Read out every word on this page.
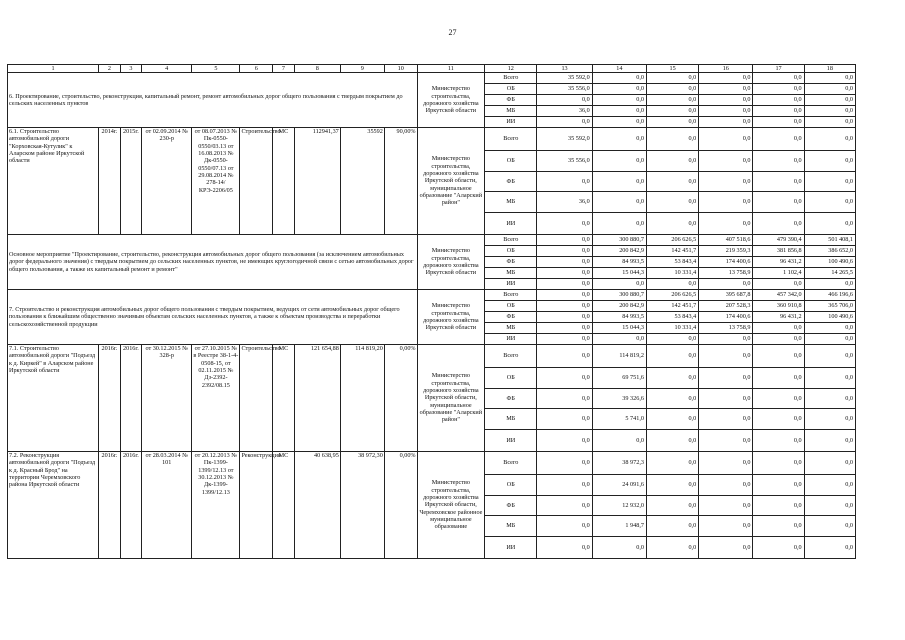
27
1	2	3	4	5	6	7	8	9	10	11	12	13	14	15	16	17	18
6. Проектирование, строительство, реконструкция, капитальный ремонт, ремонт автомобильных дорог общего пользования с твердым покрытием до сельских населенных пунктов										Министерство строительства, дорожного хозяйства Иркутской области	Всего	35 592,0	0,0	0,0	0,0	0,0	0,0
											ОБ	35 556,0	0,0	0,0	0,0	0,0	0,0
											ФБ	0,0	0,0	0,0	0,0	0,0	0,0
											МБ	36,0	0,0	0,0	0,0	0,0	0,0
											ИИ	0,0	0,0	0,0	0,0	0,0	0,0
6.1. Строительство автомобильной дороги "Корховская-Кутулик" к Аларском районе Иркутской области	2014г.	2015г.	от 02.09.2014 № 230-р	от 08.07.2013 № Пк-0550-0550/03.13 от 16.08.2013 № Дк-0550-0550/07.13 от 29.08.2014 № 278-14/КРЭ-2206/05	Строительство	МС	112941,37	35592	90,00%	Министерство строительства, дорожного хозяйства Иркутской области, муниципальное образование "Аларский район"	Всего	35 592,0	0,0	0,0	0,0	0,0	0,0
											ОБ	35 556,0	0,0	0,0	0,0	0,0	0,0
											ФБ	0,0	0,0	0,0	0,0	0,0	0,0
											МБ	36,0	0,0	0,0	0,0	0,0	0,0
											ИИ	0,0	0,0	0,0	0,0	0,0	0,0
Основное мероприятие "Проектирование, строительство, реконструкция автомобильных дорог общего пользования (за исключением автомобильных дорог федерального значения) с твердым покрытием до сельских населенных пунктов, не имеющих круглогодичной связи с сетью автомобильных дорог общего пользования, а также их капитальный ремонт и ремонт"										Министерство строительства, дорожного хозяйства Иркутской области	Всего	0,0	300 880,7	206 626,5	407 518,6	479 390,4	501 408,1
											ОБ	0,0	200 842,9	142 451,7	219 359,3	381 856,8	386 652,0
											ФБ	0,0	84 993,5	53 843,4	174 400,6	96 431,2	100 490,6
											МБ	0,0	15 044,3	10 331,4	13 758,9	1 102,4	14 265,5
											ИИ	0,0	0,0	0,0	0,0	0,0	0,0
7. Строительство и реконструкция автомобильных дорог общего пользования с твердым покрытием, ведущих от сети автомобильных дорог общего пользования к ближайшим общественно значимым объектам сельских населенных пунктов, а также к объектам производства и переработки сельскохозяйственной продукции										Министерство строительства, дорожного хозяйства Иркутской области	Всего	0,0	300 880,7	206 626,5	395 687,8	457 342,0	466 196,6
											ОБ	0,0	200 842,9	142 451,7	207 528,3	360 910,8	365 706,0
											ФБ	0,0	84 993,5	53 843,4	174 400,6	96 431,2	100 490,6
											МБ	0,0	15 044,3	10 331,4	13 758,9	0,0	0,0
											ИИ	0,0	0,0	0,0	0,0	0,0	0,0
7.1. Строительство автомобильной дороги "Подъезд к д. Киркей" в Аларском районе Иркутской области	2016г.	2016г.	от 30.12.2015 № 328-р	от 27.10.2015 № в Реестре 38-1-4-0508-15, от 02.11.2015 № Дз-2392-2392/08.15	Строительство	МС	121 654,88	114 819,20	0,00%	Министерство строительства, дорожного хозяйства Иркутской области, муниципальное образование "Аларский район"	Всего	0,0	114 819,2	0,0	0,0	0,0	0,0
											ОБ	0,0	69 751,6	0,0	0,0	0,0	0,0
											ФБ	0,0	39 326,6	0,0	0,0	0,0	0,0
											МБ	0,0	5 741,0	0,0	0,0	0,0	0,0
											ИИ	0,0	0,0	0,0	0,0	0,0	0,0
7.2. Реконструкция автомобильной дороги "Подъезд к д. Красный Брод" на территории Черемховского района Иркутской области	2016г.	2016г.	от 28.03.2014 № 101	от 20.12.2013 № Пк-1399-1399/12.13 от 30.12.2013 № Дк-1399-1399/12.13	Реконструкция	МС	40 638,95	38 972,30	0,00%	Министерство строительства, дорожного хозяйства Иркутской области, Черемховское районное муниципальное образование	Всего	0,0	38 972,3	0,0	0,0	0,0	0,0
											ОБ	0,0	24 091,6	0,0	0,0	0,0	0,0
											ФБ	0,0	12 932,0	0,0	0,0	0,0	0,0
											МБ	0,0	1 948,7	0,0	0,0	0,0	0,0
											ИИ	0,0	0,0	0,0	0,0	0,0	0,0
